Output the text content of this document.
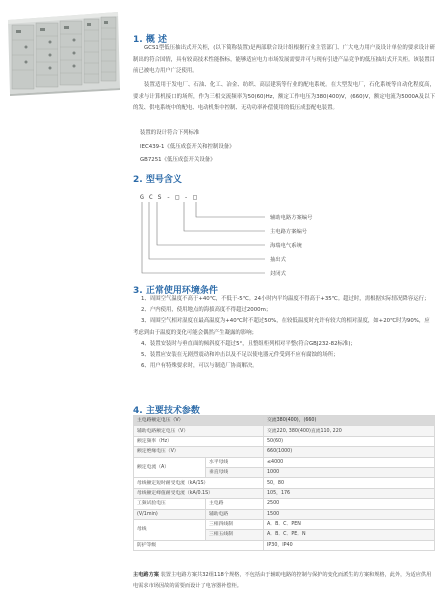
1. 概 述
GCS1型低压抽出式开关柜，(以下简称装置)是两部联合设计组根据行业主管部门、广大电力用户及设计单位的要求设计研制出的符合国情，具有较高技术性能指标，能够适应电力市场发展需要并可与现有引进产品竞争的低压抽出式开关柜。该装置目前已被电力用户广泛使用。
装置适用于发电厂、石油、化工、冶金、纺织、高层建筑等行业的配电系统。在大型发电厂，石化系统等自动化程度高，要求与计算机接口的场所，作为三相交流频率为50(60)Hz，额定工作电压为380(400)V，(660)V，额定电流为5000A及以下的发、供电系统中的配电、电动机集中控制、无功功率补偿使用的低压成套配电装置。
装置的设计符合下列标准
IEC439-1《低压成套开关和控制设备》
GB7251《低压成套开关设备》
2. 型号含义
G C S - □ - □
辅助电路方案编号
主电路方案编号
海瑞电气系统
抽出式
封闭式
3. 正常使用环境条件

1、周围空气温度不高于+40℃，不低于-5℃。24小时内平均温度不得高于+35℃。超过时，需根据实际情况降容运行；

2、户内使用，使用地点的海拔高度不得超过2000m；

3、周围空气相对湿度在最高温度为+40℃时不超过50%，在较低温度时允许有较大的相对湿度，如+20℃时为90%，应考虑到由于温度的变化可能会偶然产生凝露的影响；

4、装置安装时与垂直面的倾斜度不超过5°，且整组柜列相对平整(符合GBJ232-82标准)；

5、装置应安装在无剧烈震动和冲击以及不足以使电器元件受到不应有腐蚀的场所；

6、用户有特殊要求时，可以与制造厂协商解决。

4. 主要技术参数
主电路额定电压（V）		交流380(400)，(660)
辅助电路额定电压（V）		交流220, 380(400)直流110, 220
额定频率（Hz）		50(60)
额定绝缘电压（V）		660(1000)
额定电流（A）	水平母线	≤4000
	垂直母线	1000
母线额定短时耐受电流（kA/1S）		50，80
母线额定峰值耐受电流（kA/0.1S）		105，176
工频试验电压	主电路	2500
(V/1min)	辅助电路	1500
母线	三相四线制	A．B．C．PEN
	三相五线制	A．B．C．PE．N
防护等级		IP30，IP40
主电路方案 装置主电路方案共32组118个规格，不包括由于辅助电路的控制与保护的变化而派生的方案和规格，此外，为适应供用电需求市场因故的需要而设计了电容器补偿柜。
